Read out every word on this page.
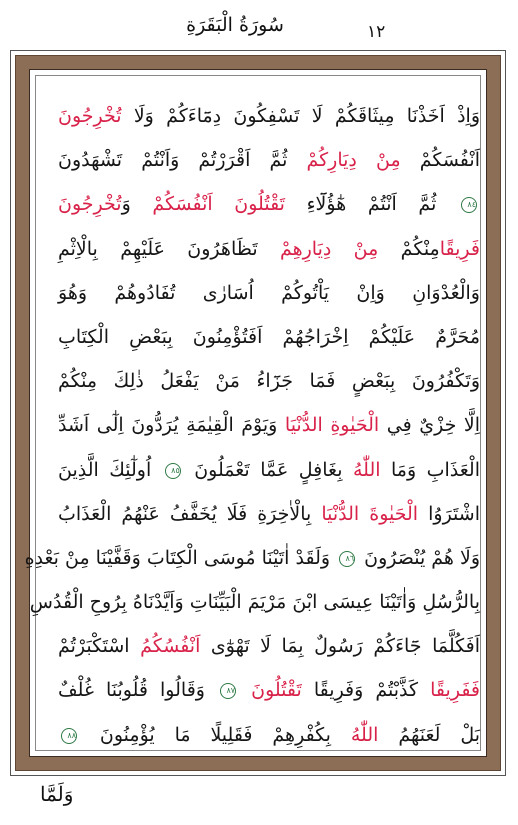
سُورَةُ الْبَقَرَةِ	١٢
وَاِذْ اَخَذْنَا مِيثَاقَكُمْ لَا تَسْفِكُونَ دِمَٓاءَكُمْ وَلَا تُخْرِجُونَ
اَنْفُسَكُمْ مِنْ دِيَارِكُمْ ثُمَّ اَقْرَرْتُمْ وَاَنْتُمْ تَشْهَدُونَ
٨٤ ثُمَّ اَنْتُمْ هٰٓؤُلَٓاءِ تَقْتُلُونَ اَنْفُسَكُمْ وَتُخْرِجُونَ
فَرِيقًامِنْكُمْ مِنْ دِيَارِهِمْ تَظَاهَرُونَ عَلَيْهِمْ بِالْاِثْمِ
وَالْعُدْوَانِ وَاِنْ يَاْتُوكُمْ اُسَارٰى تُفَادُوهُمْ وَهُوَ
مُحَرَّمٌ عَلَيْكُمْ اِخْرَاجُهُمْ اَفَتُؤْمِنُونَ بِبَعْضِ الْكِتَابِ
وَتَكْفُرُونَ بِبَعْضٍ فَمَا جَزَٓاءُ مَنْ يَفْعَلُ ذٰلِكَ مِنْكُمْ
اِلَّا خِزْيٌ فِي الْحَيٰوةِ الدُّنْيَا وَيَوْمَ الْقِيٰمَةِ يُرَدُّونَ اِلٰٓى اَشَدِّ
الْعَذَابِ وَمَا اللّٰهُ بِغَافِلٍ عَمَّا تَعْمَلُونَ ٨٥ اُولٰٓئِكَ الَّذِينَ
اشْتَرَوُا الْحَيٰوةَ الدُّنْيَا بِالْاٰخِرَةِ فَلَا يُخَفَّفُ عَنْهُمُ الْعَذَابُ
وَلَا هُمْ يُنْصَرُونَ ٨٦ وَلَقَدْ اٰتَيْنَا مُوسَى الْكِتَابَ وَقَفَّيْنَا مِنْ بَعْدِهِ
بِالرُّسُلِ وَاٰتَيْنَا عِيسَى ابْنَ مَرْيَمَ الْبَيِّنَاتِ وَاَيَّدْنَاهُ بِرُوحِ الْقُدُسِ
اَفَكُلَّمَا جَٓاءَكُمْ رَسُولٌ بِمَا لَا تَهْوٰٓى اَنْفُسُكُمُ اسْتَكْبَرْتُمْ
فَفَرِيقًا كَذَّبْتُمْ وَفَرِيقًا تَقْتُلُونَ ٨٧ وَقَالُوا قُلُوبُنَا غُلْفٌ
بَلْ لَعَنَهُمُ اللّٰهُ بِكُفْرِهِمْ فَقَلِيلًا مَا يُؤْمِنُونَ ٨٨
وَلَمَّا
